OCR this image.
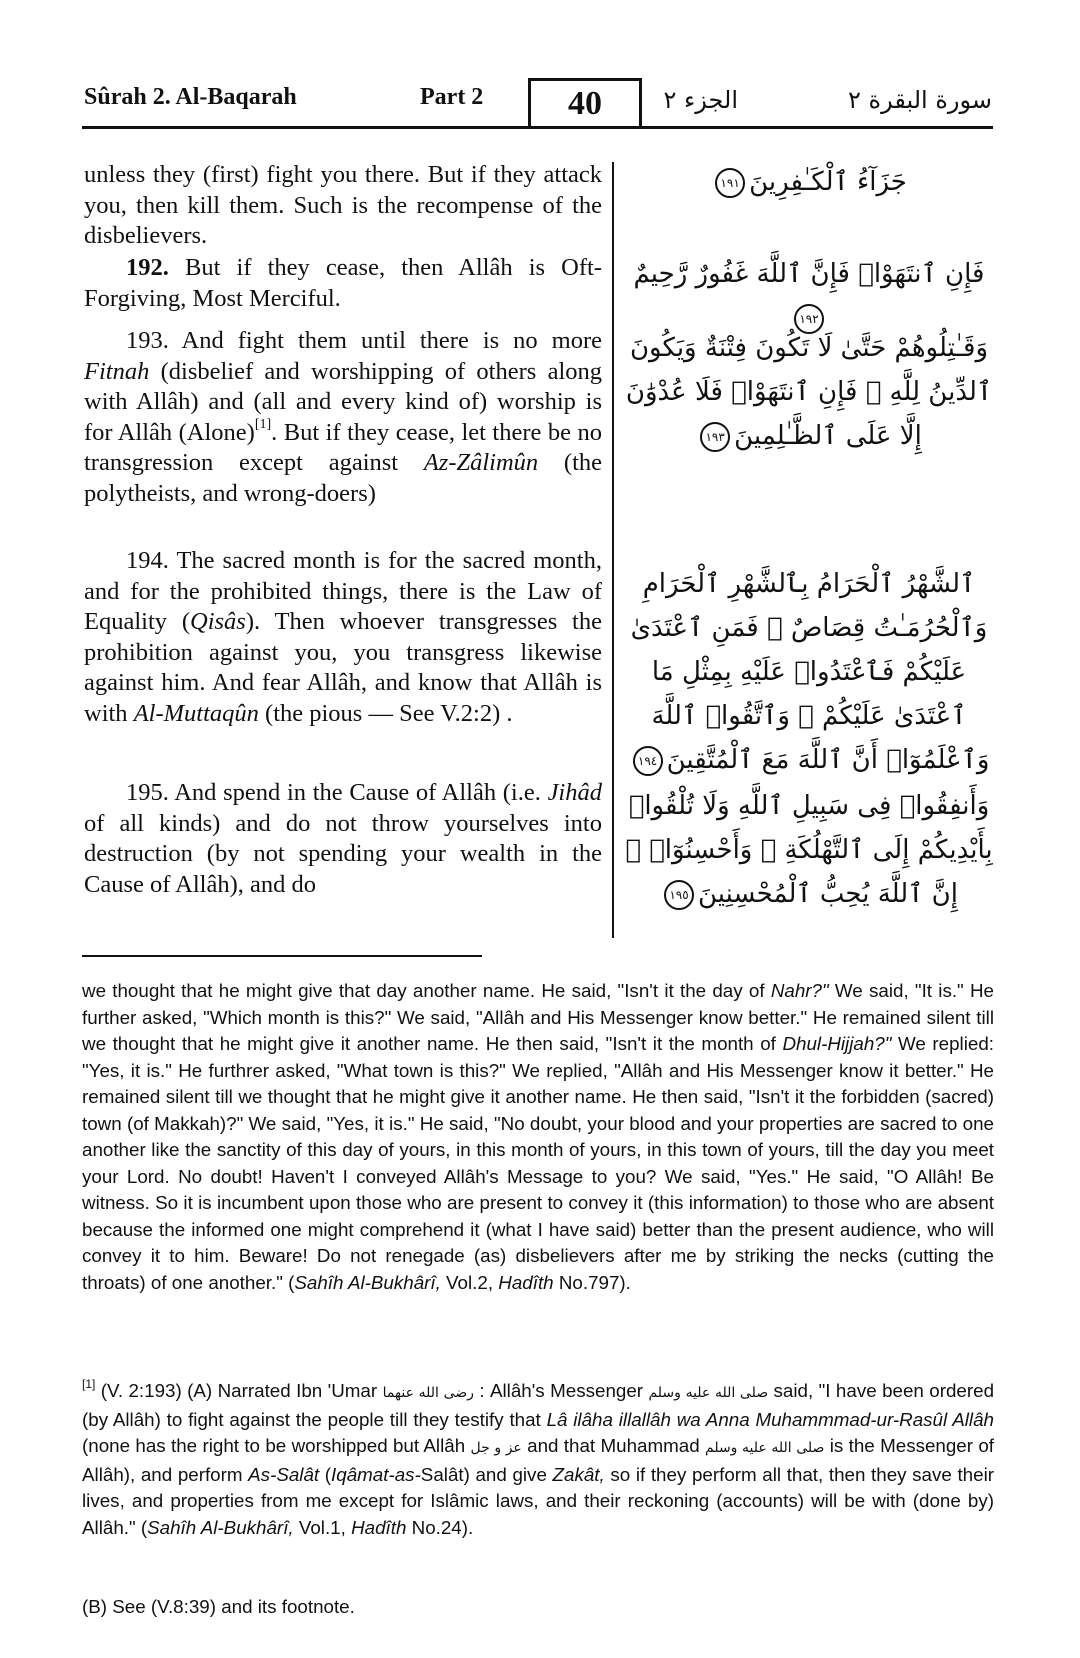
Sûrah 2. Al-Baqarah	Part 2	40	الجزء ٢	سورة البقرة ٢

unless they (first) fight you there. But if they attack you, then kill them. Such is the recompense of the disbelievers.

192. But if they cease, then Allâh is Oft-Forgiving, Most Merciful.

193. And fight them until there is no more Fitnah (disbelief and worshipping of others along with Allâh) and (all and every kind of) worship is for Allâh (Alone)[1]. But if they cease, let there be no transgression except against Az-Zâlimûn (the polytheists, and wrong-doers)

194. The sacred month is for the sacred month, and for the prohibited things, there is the Law of Equality (Qisâs). Then whoever transgresses the prohibition against you, you transgress likewise against him. And fear Allâh, and know that Allâh is with Al-Muttaqûn (the pious — See V.2:2) .

195. And spend in the Cause of Allâh (i.e. Jihâd of all kinds) and do not throw yourselves into destruction (by not spending your wealth in the Cause of Allâh), and do

جَزَآءُ ٱلْكَـٰفِرِينَ١٩١
فَإِنِ ٱنتَهَوْا۟ فَإِنَّ ٱللَّهَ غَفُورٌ رَّحِيمٌ١٩٢
وَقَـٰتِلُوهُمْ حَتَّىٰ لَا تَكُونَ فِتْنَةٌ وَيَكُونَ ٱلدِّينُ لِلَّهِ ۖ فَإِنِ ٱنتَهَوْا۟ فَلَا عُدْوَٰنَ إِلَّا عَلَى ٱلظَّـٰلِمِينَ١٩٣
ٱلشَّهْرُ ٱلْحَرَامُ بِٱلشَّهْرِ ٱلْحَرَامِ وَٱلْحُرُمَـٰتُ قِصَاصٌ ۚ فَمَنِ ٱعْتَدَىٰ عَلَيْكُمْ فَٱعْتَدُوا۟ عَلَيْهِ بِمِثْلِ مَا ٱعْتَدَىٰ عَلَيْكُمْ ۚ وَٱتَّقُوا۟ ٱللَّهَ وَٱعْلَمُوٓا۟ أَنَّ ٱللَّهَ مَعَ ٱلْمُتَّقِينَ١٩٤
وَأَنفِقُوا۟ فِى سَبِيلِ ٱللَّهِ وَلَا تُلْقُوا۟ بِأَيْدِيكُمْ إِلَى ٱلتَّهْلُكَةِ ۛ وَأَحْسِنُوٓا۟ ۛ إِنَّ ٱللَّهَ يُحِبُّ ٱلْمُحْسِنِينَ١٩٥

we thought that he might give that day another name. He said, "Isn't it the day of Nahr?" We said, "It is." He further asked, "Which month is this?" We said, "Allâh and His Messenger know better." He remained silent till we thought that he might give it another name. He then said, "Isn't it the month of Dhul-Hijjah?" We replied: "Yes, it is." He furthrer asked, "What town is this?" We replied, "Allâh and His Messenger know it better." He remained silent till we thought that he might give it another name. He then said, "Isn't it the forbidden (sacred) town (of Makkah)?" We said, "Yes, it is." He said, "No doubt, your blood and your properties are sacred to one another like the sanctity of this day of yours, in this month of yours, in this town of yours, till the day you meet your Lord. No doubt! Haven't I conveyed Allâh's Message to you? We said, "Yes." He said, "O Allâh! Be witness. So it is incumbent upon those who are present to convey it (this information) to those who are absent because the informed one might comprehend it (what I have said) better than the present audience, who will convey it to him. Beware! Do not renegade (as) disbelievers after me by striking the necks (cutting the throats) of one another." (Sahîh Al-Bukhârî, Vol.2, Hadîth No.797).

[1] (V. 2:193) (A) Narrated Ibn 'Umar رضى الله عنهما : Allâh's Messenger صلى الله عليه وسلم said, "I have been ordered (by Allâh) to fight against the people till they testify that Lâ ilâha illallâh wa Anna Muhammmad-ur-Rasûl Allâh (none has the right to be worshipped but Allâh عز و جل and that Muhammad صلى الله عليه وسلم is the Messenger of Allâh), and perform As-Salât (Iqâmat-as-Salât) and give Zakât, so if they perform all that, then they save their lives, and properties from me except for Islâmic laws, and their reckoning (accounts) will be with (done by) Allâh." (Sahîh Al-Bukhârî, Vol.1, Hadîth No.24).

(B) See (V.8:39) and its footnote.
